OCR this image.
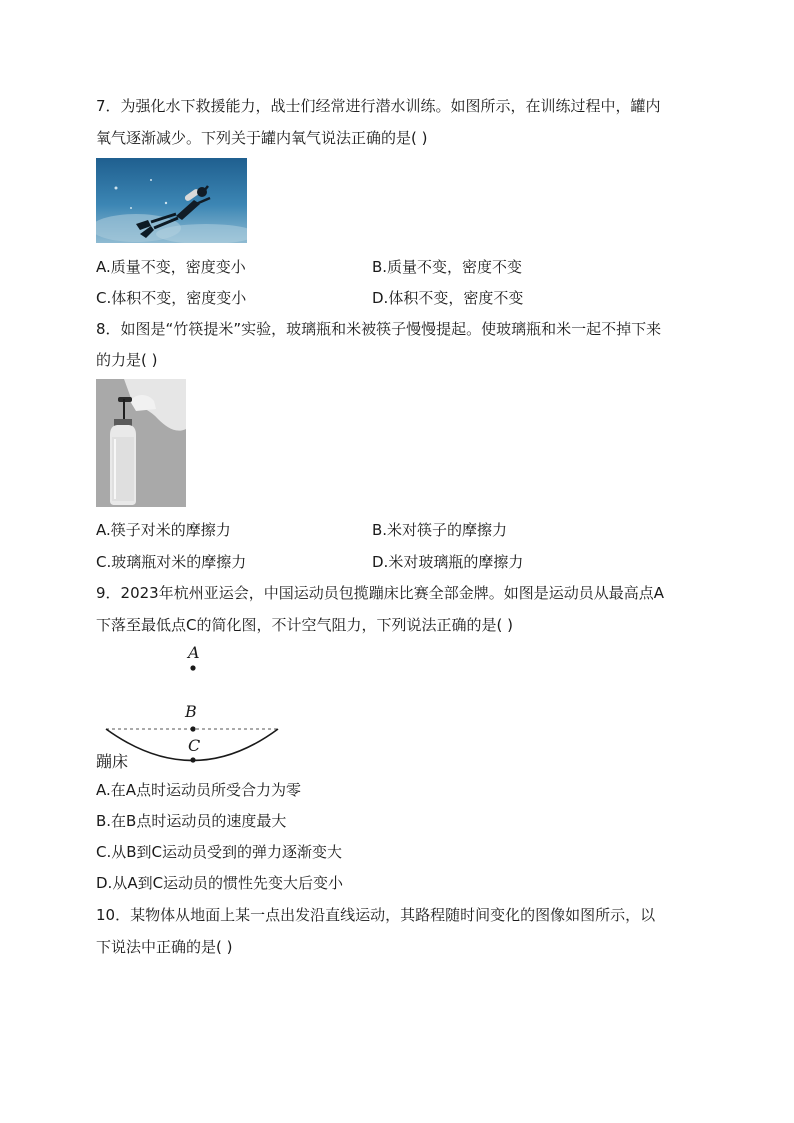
7．为强化水下救援能力，战士们经常进行潜水训练。如图所示，在训练过程中，罐内
氧气逐渐减少。下列关于罐内氧气说法正确的是( )
A.质量不变，密度变小	B.质量不变，密度不变
C.体积不变，密度变小	D.体积不变，密度不变
8．如图是“竹筷提米”实验，玻璃瓶和米被筷子慢慢提起。使玻璃瓶和米一起不掉下来
的力是( )
A.筷子对米的摩擦力	B.米对筷子的摩擦力
C.玻璃瓶对米的摩擦力	D.米对玻璃瓶的摩擦力
9．2023年杭州亚运会，中国运动员包揽蹦床比赛全部金牌。如图是运动员从最高点A
下落至最低点C的简化图，不计空气阻力，下列说法正确的是( )
A
B
C
蹦床
A.在A点时运动员所受合力为零
B.在B点时运动员的速度最大
C.从B到C运动员受到的弹力逐渐变大
D.从A到C运动员的惯性先变大后变小
10．某物体从地面上某一点出发沿直线运动，其路程随时间变化的图像如图所示，以
下说法中正确的是( )
